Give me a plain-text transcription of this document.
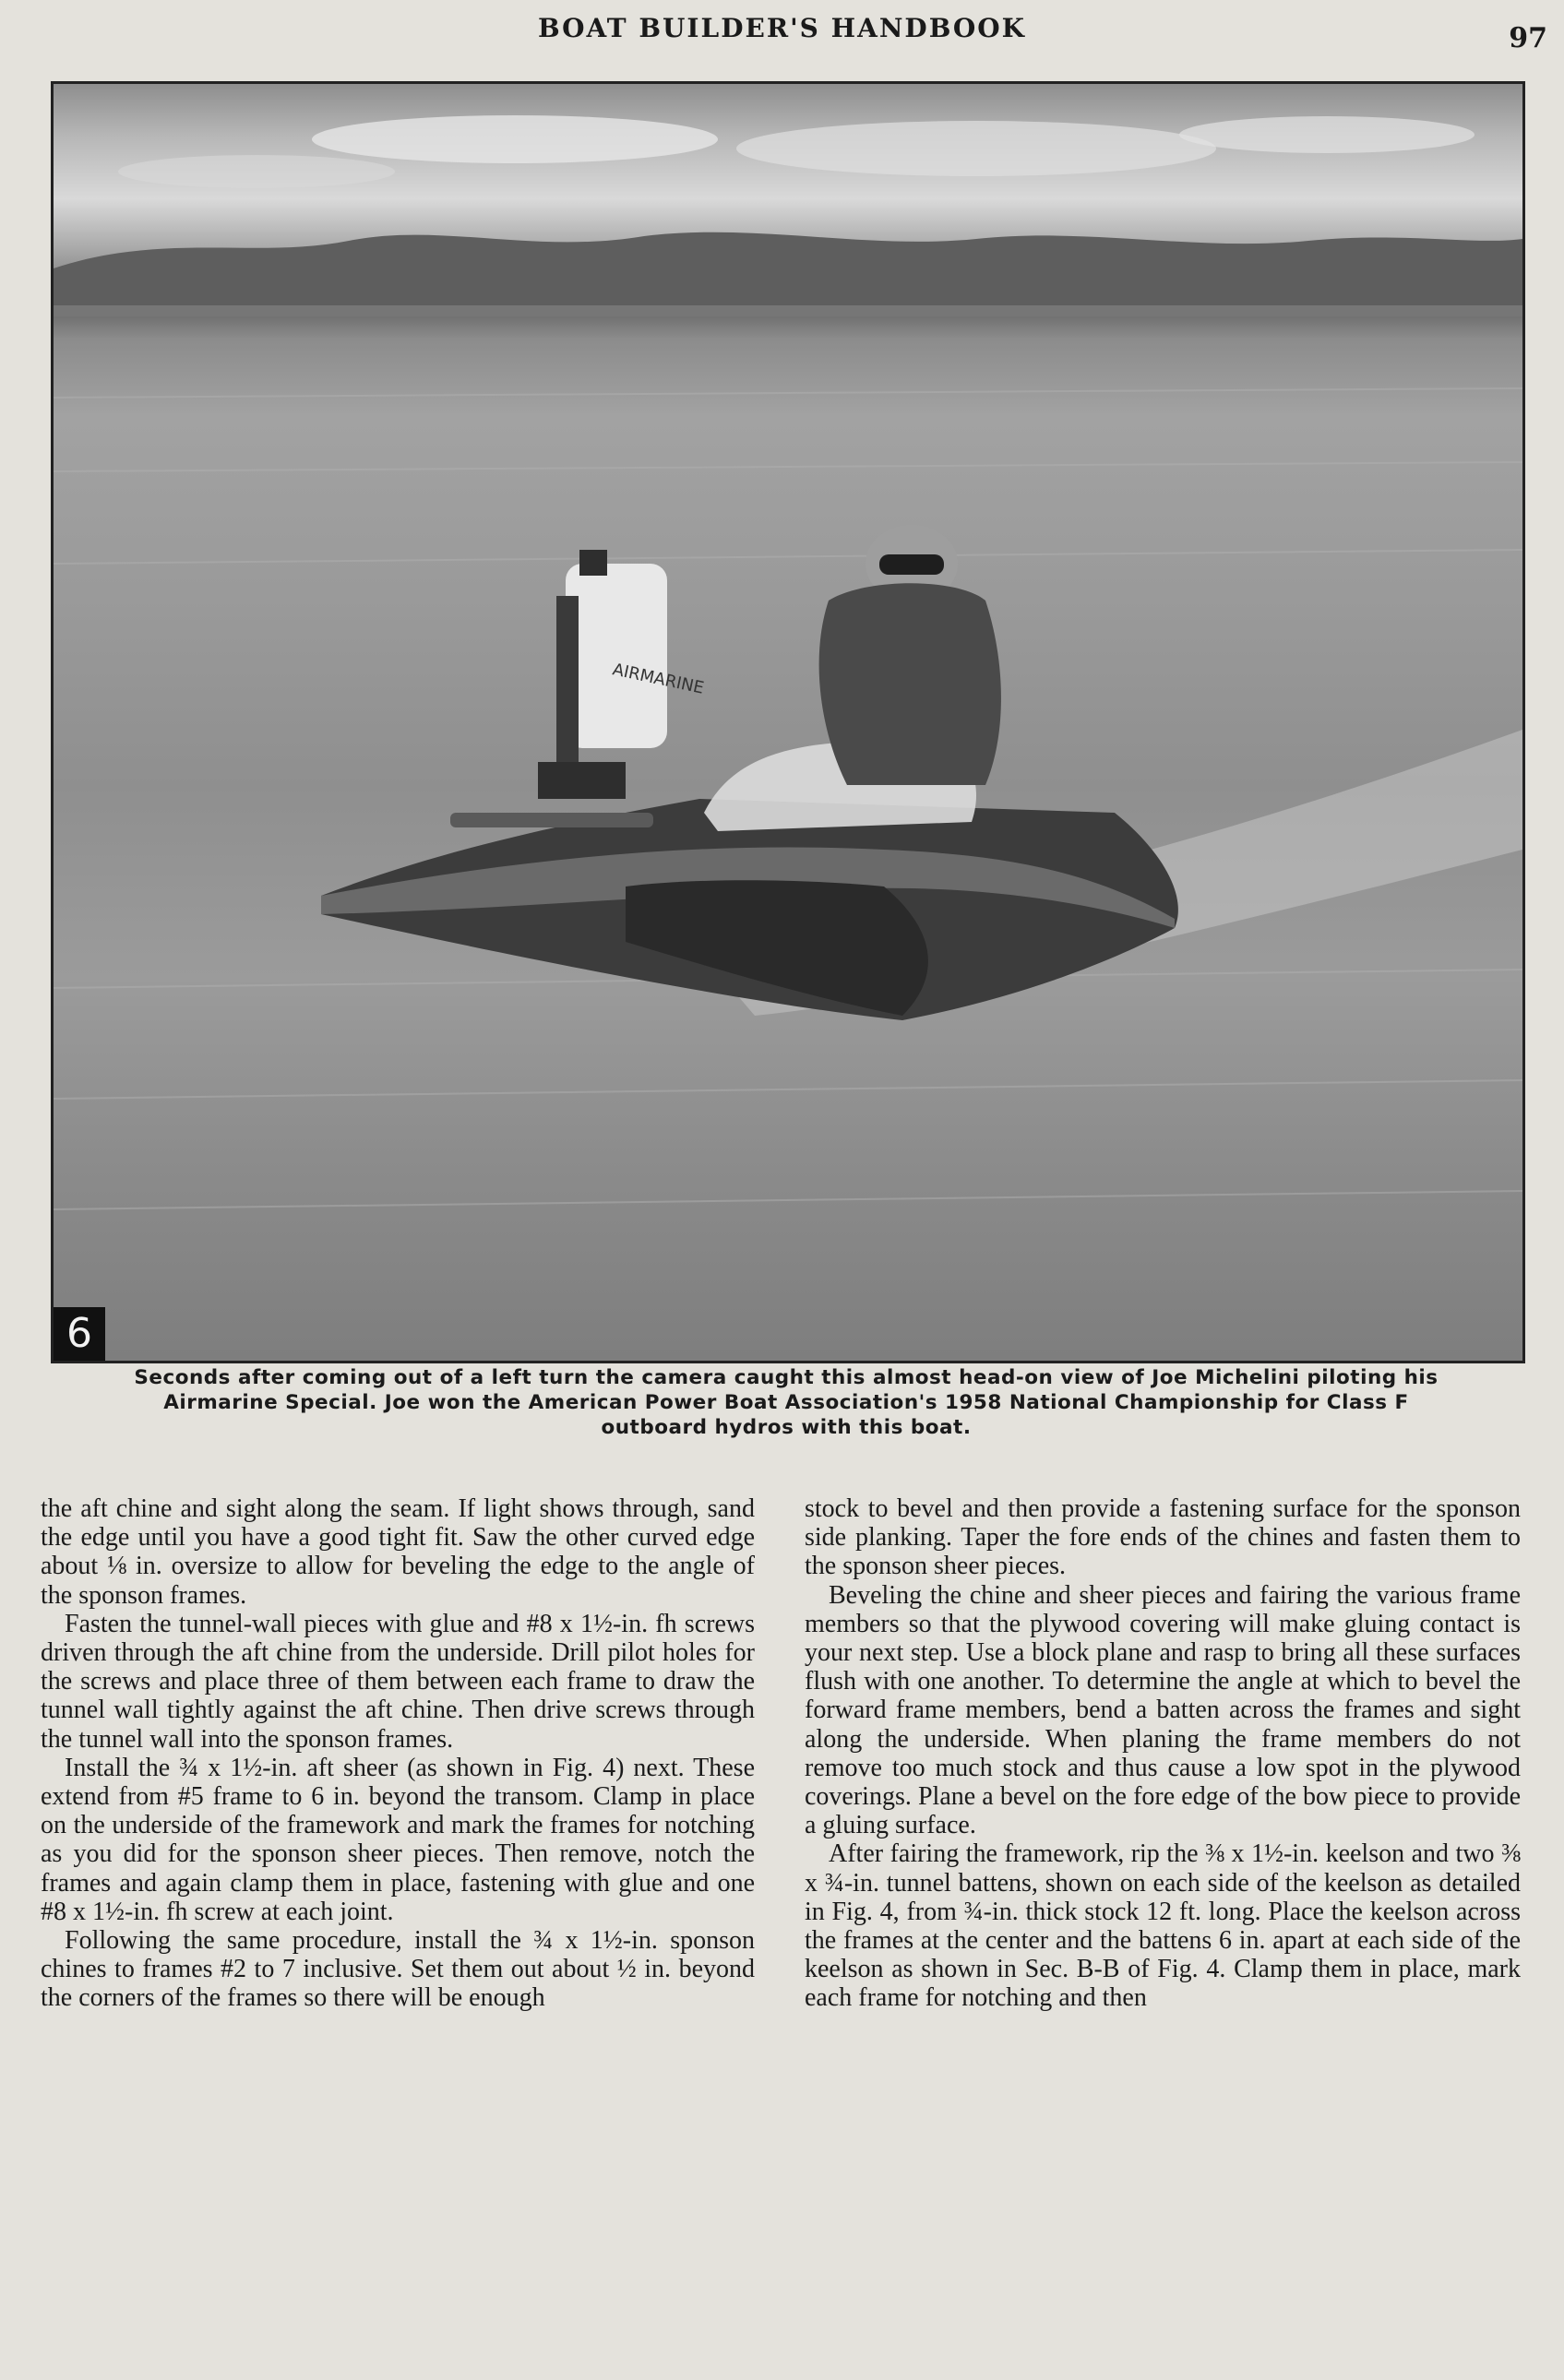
BOAT BUILDER'S HANDBOOK	97
AIRMARINE
6
Seconds after coming out of a left turn the camera caught this almost head-on view of Joe Michelini piloting his
Airmarine Special. Joe won the American Power Boat Association's 1958 National Championship for Class F
outboard hydros with this boat.

the aft chine and sight along the seam. If light shows through, sand the edge until you have a good tight fit. Saw the other curved edge about ⅛ in. oversize to allow for beveling the edge to the angle of the sponson frames.

Fasten the tunnel-wall pieces with glue and #8 x 1½-in. fh screws driven through the aft chine from the underside. Drill pilot holes for the screws and place three of them between each frame to draw the tunnel wall tightly against the aft chine. Then drive screws through the tunnel wall into the sponson frames.

Install the ¾ x 1½-in. aft sheer (as shown in Fig. 4) next. These extend from #5 frame to 6 in. beyond the transom. Clamp in place on the underside of the framework and mark the frames for notching as you did for the sponson sheer pieces. Then remove, notch the frames and again clamp them in place, fastening with glue and one #8 x 1½-in. fh screw at each joint.

Following the same procedure, install the ¾ x 1½-in. sponson chines to frames #2 to 7 inclusive. Set them out about ½ in. beyond the corners of the frames so there will be enough

stock to bevel and then provide a fastening surface for the sponson side planking. Taper the fore ends of the chines and fasten them to the sponson sheer pieces.

Beveling the chine and sheer pieces and fairing the various frame members so that the plywood covering will make gluing contact is your next step. Use a block plane and rasp to bring all these surfaces flush with one another. To determine the angle at which to bevel the forward frame members, bend a batten across the frames and sight along the underside. When planing the frame members do not remove too much stock and thus cause a low spot in the plywood coverings. Plane a bevel on the fore edge of the bow piece to provide a gluing surface.

After fairing the framework, rip the ⅜ x 1½-in. keelson and two ⅜ x ¾-in. tunnel battens, shown on each side of the keelson as detailed in Fig. 4, from ¾-in. thick stock 12 ft. long. Place the keelson across the frames at the center and the battens 6 in. apart at each side of the keelson as shown in Sec. B-B of Fig. 4. Clamp them in place, mark each frame for notching and then
